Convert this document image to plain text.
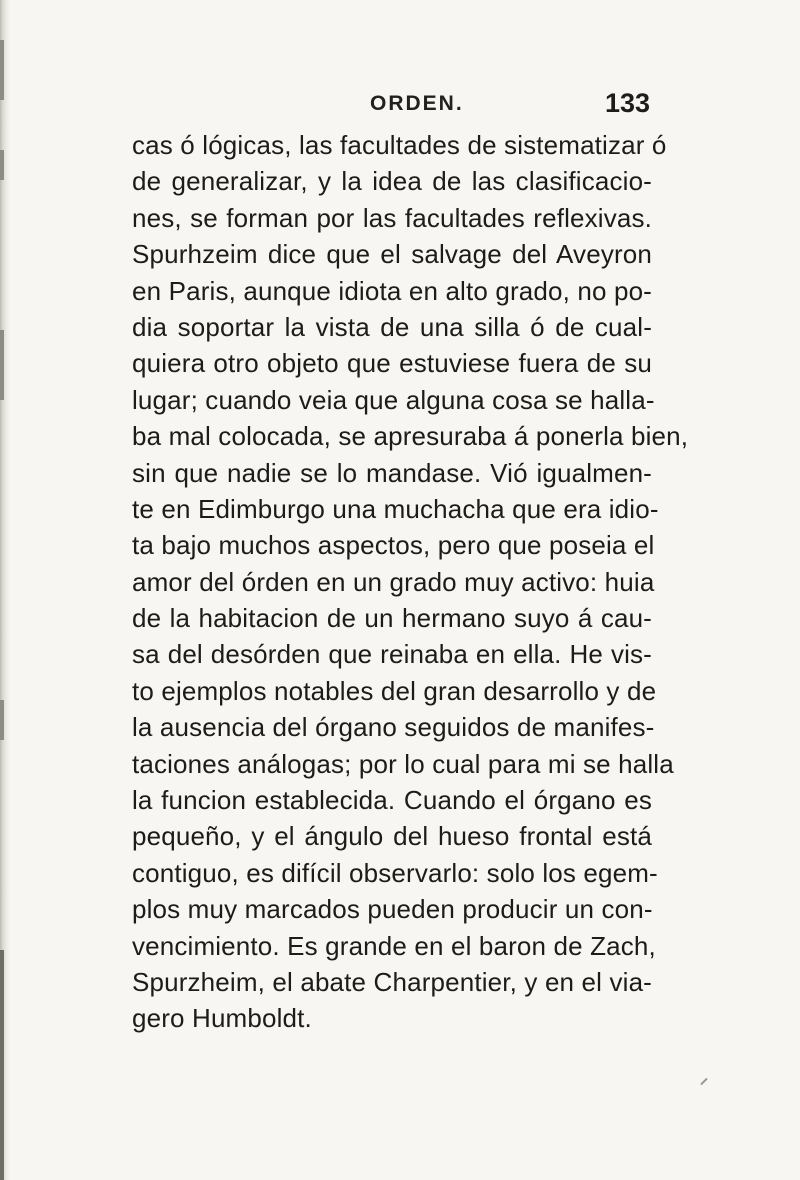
ORDEN.	133
cas ó lógicas, las facultades de sistematizar ó
de generalizar, y la idea de las clasificacio-
nes, se forman por las facultades reflexivas.
Spurhzeim dice que el salvage del Aveyron
en Paris, aunque idiota en alto grado, no po-
dia soportar la vista de una silla ó de cual-
quiera otro objeto que estuviese fuera de su
lugar; cuando veia que alguna cosa se halla-
ba mal colocada, se apresuraba á ponerla bien,
sin que nadie se lo mandase. Vió igualmen-
te en Edimburgo una muchacha que era idio-
ta bajo muchos aspectos, pero que poseia el
amor del órden en un grado muy activo: huia
de la habitacion de un hermano suyo á cau-
sa del desórden que reinaba en ella. He vis-
to ejemplos notables del gran desarrollo y de
la ausencia del órgano seguidos de manifes-
taciones análogas; por lo cual para mi se halla
la funcion establecida. Cuando el órgano es
pequeño, y el ángulo del hueso frontal está
contiguo, es difícil observarlo: solo los egem-
plos muy marcados pueden producir un con-
vencimiento. Es grande en el baron de Zach,
Spurzheim, el abate Charpentier, y en el via-
gero Humboldt.
